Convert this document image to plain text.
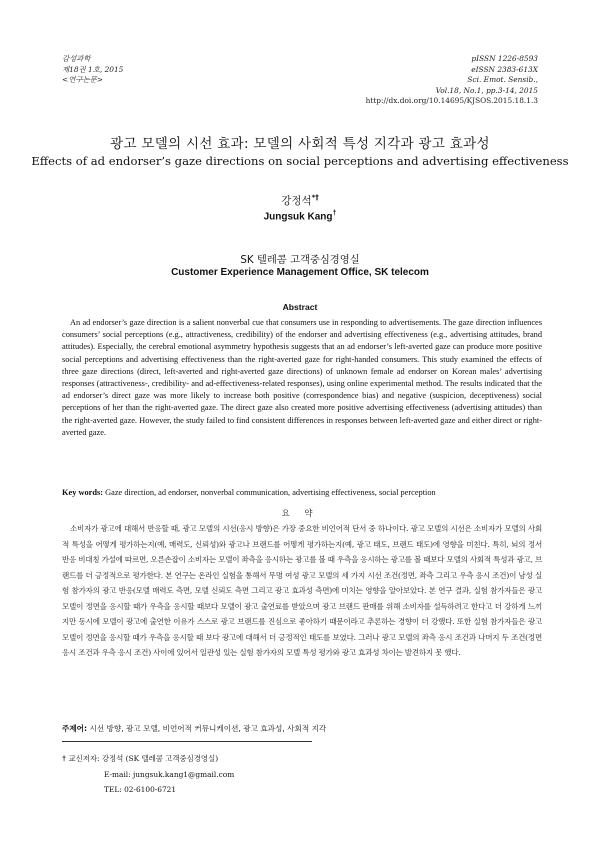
감성과학
제18권 1호, 2015
<연구논문>
pISSN 1226-8593
eISSN 2383-613X
Sci. Emot. Sensib.,
Vol.18, No.1, pp.3-14, 2015
http://dx.doi.org/10.14695/KJSOS.2015.18.1.3
광고 모델의 시선 효과: 모델의 사회적 특성 지각과 광고 효과성
Effects of ad endorser’s gaze directions on social perceptions and advertising effectiveness
강정석*†
Jungsuk Kang†
SK 텔레콤 고객중심경영실
Customer Experience Management Office, SK telecom
Abstract

An ad endorser’s gaze direction is a salient nonverbal cue that consumers use in responding to advertisements. The gaze direction influences consumers’ social perceptions (e.g., attractiveness, credibility) of the endorser and advertising effectiveness (e.g., advertising attitudes, brand attitudes). Especially, the cerebral emotional asymmetry hypothesis suggests that an ad endorser’s left-averted gaze can produce more positive social perceptions and advertising effectiveness than the right-averted gaze for right-handed consumers. This study examined the effects of three gaze directions (direct, left-averted and right-averted gaze directions) of unknown female ad endorser on Korean males’ advertising responses (attractiveness-, credibility- and ad-effectiveness-related responses), using online experimental method. The results indicated that the ad endorser’s direct gaze was more likely to increase both positive (correspondence bias) and negative (suspicion, deceptiveness) social perceptions of her than the right-averted gaze. The direct gaze also created more positive advertising effectiveness (advertising attitudes) than the right-averted gaze. However, the study failed to find consistent differences in responses between left-averted gaze and either direct or right-averted gaze.

Key words: Gaze direction, ad endorser, nonverbal communication, advertising effectiveness, social perception
요 약

소비자가 광고에 대해서 반응할 때, 광고 모델의 시선(응시 방향)은 가장 중요한 비언어적 단서 중 하나이다. 광고 모델의 시선은 소비자가 모델의 사회적 특성을 어떻게 평가하는지(예, 매력도, 신뢰성)와 광고나 브랜드를 어떻게 평가하는지(예, 광고 태도, 브랜드 태도)에 영향을 미친다. 특히, 뇌의 정서 반응 비대칭 가설에 따르면, 오른손잡이 소비자는 모델이 좌측을 응시하는 광고를 볼 때 우측을 응시하는 광고를 볼 때보다 모델의 사회적 특성과 광고, 브랜드를 더 긍정적으로 평가한다. 본 연구는 온라인 실험을 통해서 무명 여성 광고 모델의 세 가지 시선 조건(정면, 좌측 그리고 우측 응시 조건)이 남성 실험 참가자의 광고 반응(모델 매력도 측면, 모델 신뢰도 측면 그리고 광고 효과성 측면)에 미치는 영향을 알아보았다. 본 연구 결과, 실험 참가자들은 광고 모델이 정면을 응시할 때가 우측을 응시할 때보다 모델이 광고 출연료를 받았으며 광고 브랜드 판매를 위해 소비자를 설득하려고 한다고 더 강하게 느끼지만 동시에 모델이 광고에 출연한 이유가 스스로 광고 브랜드를 진심으로 좋아하기 때문이라고 추론하는 경향이 더 강했다. 또한 실험 참가자들은 광고 모델이 정면을 응시할 때가 우측을 응시할 때 보다 광고에 대해서 더 긍정적인 태도를 보였다. 그러나 광고 모델의 좌측 응시 조건과 나머지 두 조건(정면 응시 조건과 우측 응시 조건) 사이에 있어서 일관성 있는 실험 참가자의 모델 특성 평가와 광고 효과성 차이는 발견하지 못 했다.

주제어: 시선 방향, 광고 모델, 비언어적 커뮤니케이션, 광고 효과성, 사회적 지각
† 교신저자: 강정석 (SK 텔레콤 고객중심경영실)
E-mail: jungsuk.kang1@gmail.com
TEL: 02-6100-6721
